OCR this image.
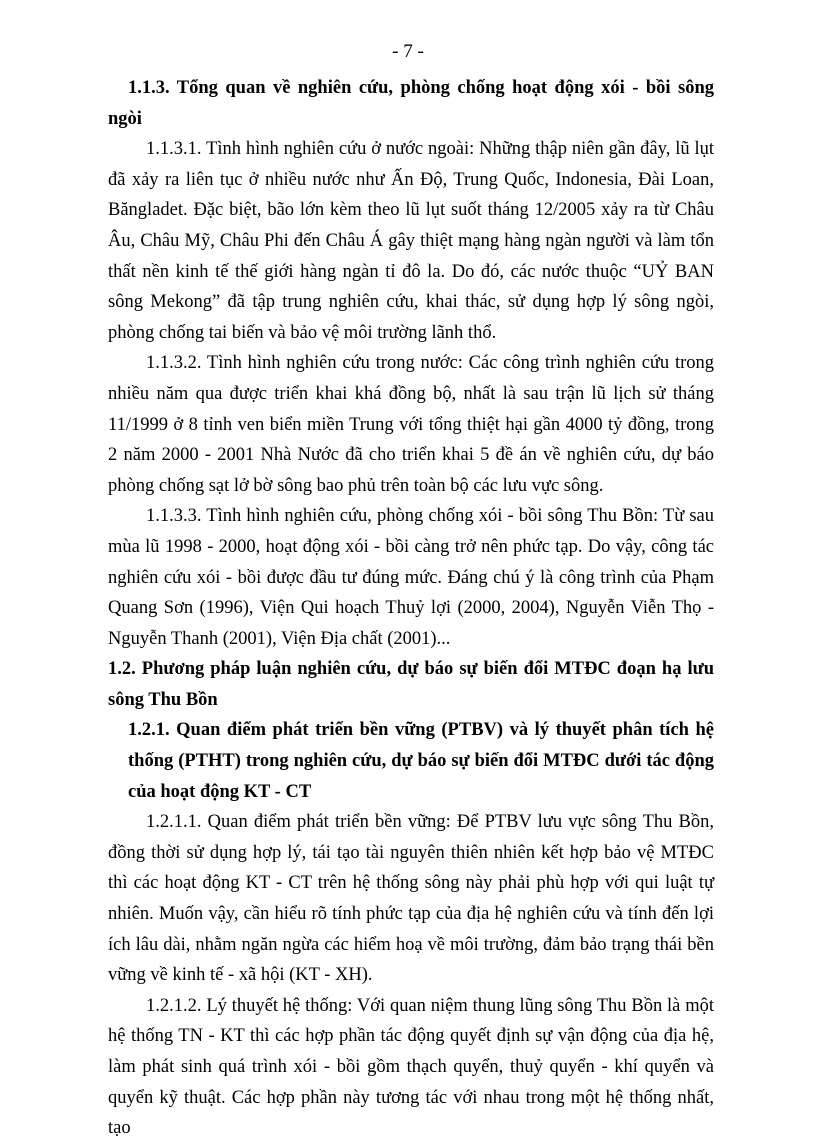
- 7 -
1.1.3. Tổng quan về nghiên cứu, phòng chống hoạt động xói - bồi sông ngòi

1.1.3.1. Tình hình nghiên cứu ở nước ngoài: Những thập niên gần đây, lũ lụt đã xảy ra liên tục ở nhiều nước như Ấn Độ, Trung Quốc, Indonesia, Đài Loan, Băngladet. Đặc biệt, bão lớn kèm theo lũ lụt suốt tháng 12/2005 xảy ra từ Châu Âu, Châu Mỹ, Châu Phi đến Châu Á gây thiệt mạng hàng ngàn người và làm tổn thất nền kinh tế thế giới hàng ngàn tỉ đô la. Do đó, các nước thuộc “UỶ BAN sông Mekong” đã tập trung nghiên cứu, khai thác, sử dụng hợp lý sông ngòi, phòng chống tai biến và bảo vệ môi trường lãnh thổ.

1.1.3.2. Tình hình nghiên cứu trong nước: Các công trình nghiên cứu trong nhiều năm qua được triển khai khá đồng bộ, nhất là sau trận lũ lịch sử tháng 11/1999 ở 8 tỉnh ven biển miền Trung với tổng thiệt hại gần 4000 tỷ đồng, trong 2 năm 2000 - 2001 Nhà Nước đã cho triển khai 5 đề án về nghiên cứu, dự báo phòng chống sạt lở bờ sông bao phủ trên toàn bộ các lưu vực sông.

1.1.3.3. Tình hình nghiên cứu, phòng chống xói - bồi sông Thu Bồn: Từ sau mùa lũ 1998 - 2000, hoạt động xói - bồi càng trở nên phức tạp. Do vậy, công tác nghiên cứu xói - bồi được đầu tư đúng mức. Đáng chú ý là công trình của Phạm Quang Sơn (1996), Viện Qui hoạch Thuỷ lợi (2000, 2004), Nguyễn Viễn Thọ - Nguyễn Thanh (2001), Viện Địa chất (2001)...

1.2. Phương pháp luận nghiên cứu, dự báo sự biến đổi MTĐC đoạn hạ lưu sông Thu Bồn
1.2.1. Quan điểm phát triển bền vững (PTBV) và lý thuyết phân tích hệ thống (PTHT) trong nghiên cứu, dự báo sự biến đổi MTĐC dưới tác động của hoạt động KT - CT

1.2.1.1. Quan điểm phát triển bền vững: Để PTBV lưu vực sông Thu Bồn, đồng thời sử dụng hợp lý, tái tạo tài nguyên thiên nhiên kết hợp bảo vệ MTĐC thì các hoạt động KT - CT trên hệ thống sông này phải phù hợp với qui luật tự nhiên. Muốn vậy, cần hiểu rõ tính phức tạp của địa hệ nghiên cứu và tính đến lợi ích lâu dài, nhằm ngăn ngừa các hiểm hoạ về môi trường, đảm bảo trạng thái bền vững về kinh tế - xã hội (KT - XH).

1.2.1.2. Lý thuyết hệ thống: Với quan niệm thung lũng sông Thu Bồn là một hệ thống TN - KT thì các hợp phần tác động quyết định sự vận động của địa hệ, làm phát sinh quá trình xói - bồi gồm thạch quyển, thuỷ quyển - khí quyển và quyển kỹ thuật. Các hợp phần này tương tác với nhau trong một hệ thống nhất, tạo
